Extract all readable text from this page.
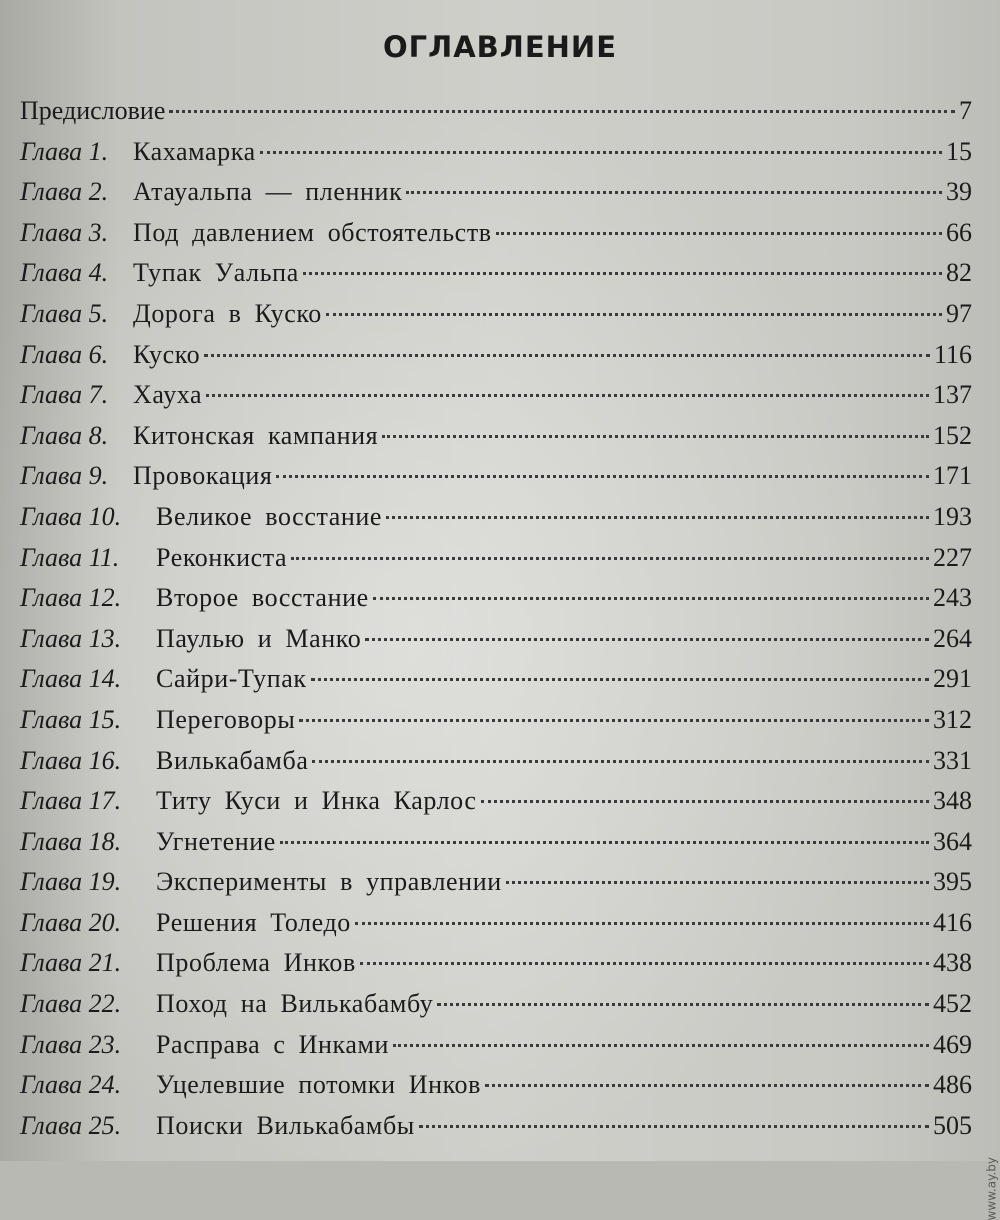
ОГЛАВЛЕНИЕ
Предисловие	7
Глава 1. Кахамарка	15
Глава 2. Атауальпа — пленник	39
Глава 3. Под давлением обстоятельств	66
Глава 4. Тупак Уальпа	82
Глава 5. Дорога в Куско	97
Глава 6. Куско	116
Глава 7. Хауха	137
Глава 8. Китонская кампания	152
Глава 9. Провокация	171
Глава 10.	Великое восстание	193
Глава 11.	Реконкиста	227
Глава 12.	Второе восстание	243
Глава 13.	Паулью и Манко	264
Глава 14.	Сайри-Тупак	291
Глава 15.	Переговоры	312
Глава 16.	Вилькабамба	331
Глава 17.	Титу Куси и Инка Карлос	348
Глава 18.	Угнетение	364
Глава 19.	Эксперименты в управлении	395
Глава 20.	Решения Толедо	416
Глава 21.	Проблема Инков	438
Глава 22.	Поход на Вилькабамбу	452
Глава 23.	Расправа с Инками	469
Глава 24.	Уцелевшие потомки Инков	486
Глава 25.	Поиски Вилькабамбы	505
www.ay.by
